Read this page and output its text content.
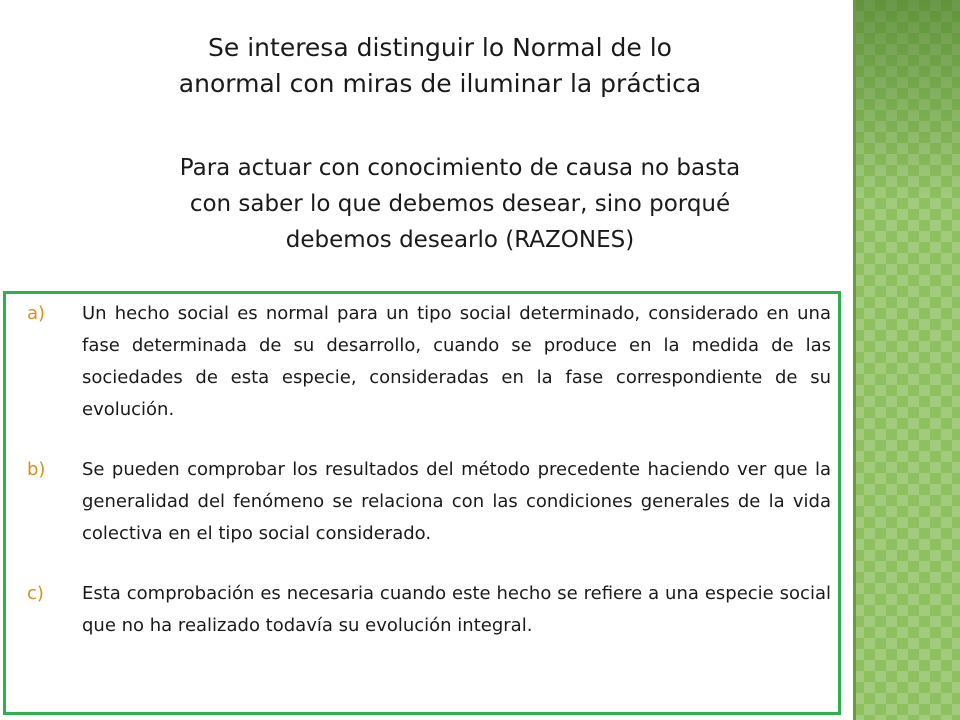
Se interesa distinguir lo Normal de lo
anormal con miras de iluminar la práctica

Para actuar con conocimiento de causa no basta
con saber lo que debemos desear, sino porqué
debemos desearlo (RAZONES)

a)	Un hecho social es normal para un tipo social determinado, considerado en una fase determinada de su desarrollo, cuando se produce en la medida de las sociedades de esta especie, consideradas en la fase correspondiente de su evolución.
b)	Se pueden comprobar los resultados del método precedente haciendo ver que la generalidad del fenómeno se relaciona con las condiciones generales de la vida colectiva en el tipo social considerado.
c)	Esta comprobación es necesaria cuando este hecho se refiere a una especie social que no ha realizado todavía su evolución integral.
